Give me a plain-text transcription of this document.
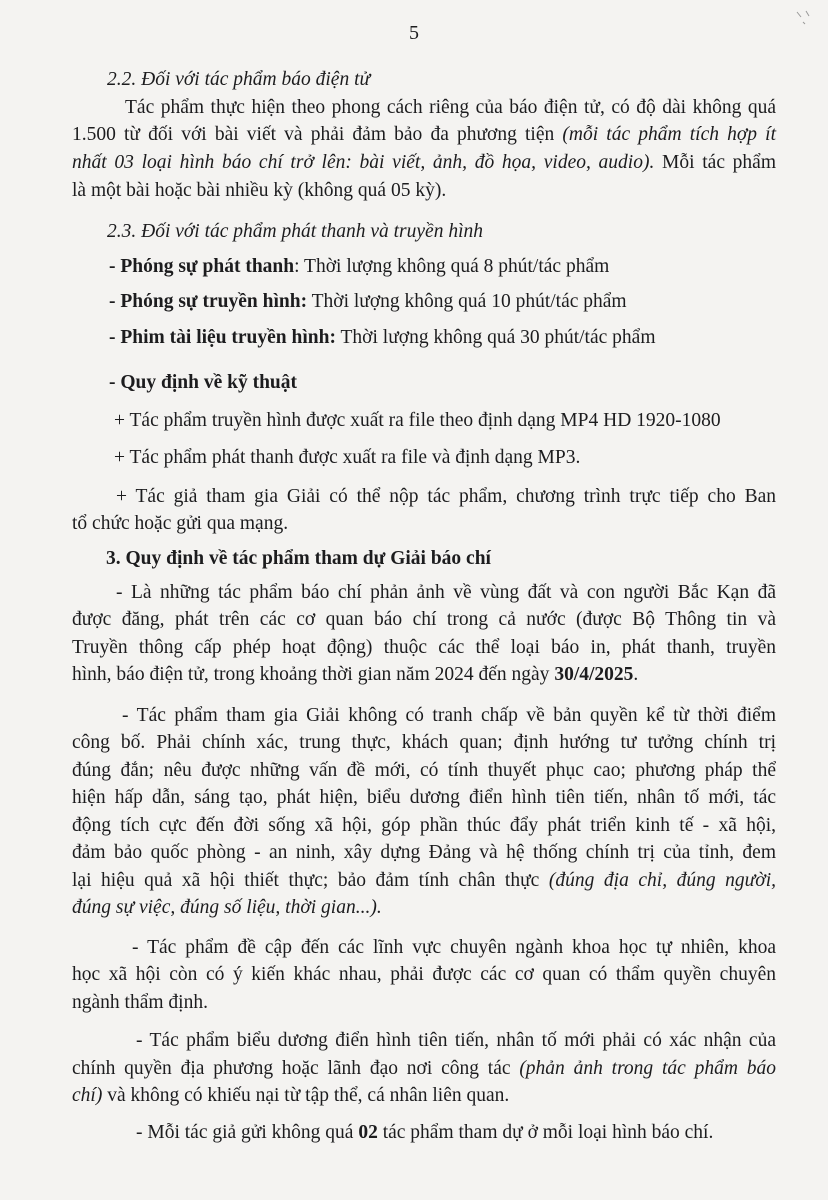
5
2.2. Đối với tác phẩm báo điện tử
Tác phẩm thực hiện theo phong cách riêng của báo điện tử, có độ dài không quá
1.500 từ đối với bài viết và phải đảm bảo đa phương tiện (mỗi tác phẩm tích hợp ít
nhất 03 loại hình báo chí trở lên: bài viết, ảnh, đồ họa, video, audio). Mỗi tác phẩm
là một bài hoặc bài nhiều kỳ (không quá 05 kỳ).
2.3. Đối với tác phẩm phát thanh và truyền hình
- Phóng sự phát thanh: Thời lượng không quá 8 phút/tác phẩm
- Phóng sự truyền hình: Thời lượng không quá 10 phút/tác phẩm
- Phim tài liệu truyền hình: Thời lượng không quá 30 phút/tác phẩm
- Quy định về kỹ thuật
+ Tác phẩm truyền hình được xuất ra file theo định dạng MP4 HD 1920-1080
+ Tác phẩm phát thanh được xuất ra file và định dạng MP3.
+ Tác giả tham gia Giải có thể nộp tác phẩm, chương trình trực tiếp cho Ban
tổ chức hoặc gửi qua mạng.
3. Quy định về tác phẩm tham dự Giải báo chí
- Là những tác phẩm báo chí phản ảnh về vùng đất và con người Bắc Kạn đã
được đăng, phát trên các cơ quan báo chí trong cả nước (được Bộ Thông tin và
Truyền thông cấp phép hoạt động) thuộc các thể loại báo in, phát thanh, truyền
hình, báo điện tử, trong khoảng thời gian năm 2024 đến ngày 30/4/2025.
- Tác phẩm tham gia Giải không có tranh chấp về bản quyền kể từ thời điểm
công bố. Phải chính xác, trung thực, khách quan; định hướng tư tưởng chính trị
đúng đắn; nêu được những vấn đề mới, có tính thuyết phục cao; phương pháp thể
hiện hấp dẫn, sáng tạo, phát hiện, biểu dương điển hình tiên tiến, nhân tố mới, tác
động tích cực đến đời sống xã hội, góp phần thúc đẩy phát triển kinh tế - xã hội,
đảm bảo quốc phòng - an ninh, xây dựng Đảng và hệ thống chính trị của tỉnh, đem
lại hiệu quả xã hội thiết thực; bảo đảm tính chân thực (đúng địa chỉ, đúng người,
đúng sự việc, đúng số liệu, thời gian...).
- Tác phẩm đề cập đến các lĩnh vực chuyên ngành khoa học tự nhiên, khoa
học xã hội còn có ý kiến khác nhau, phải được các cơ quan có thẩm quyền chuyên
ngành thẩm định.
- Tác phẩm biểu dương điển hình tiên tiến, nhân tố mới phải có xác nhận của
chính quyền địa phương hoặc lãnh đạo nơi công tác (phản ảnh trong tác phẩm báo
chí) và không có khiếu nại từ tập thể, cá nhân liên quan.
- Mỗi tác giả gửi không quá 02 tác phẩm tham dự ở mỗi loại hình báo chí.
